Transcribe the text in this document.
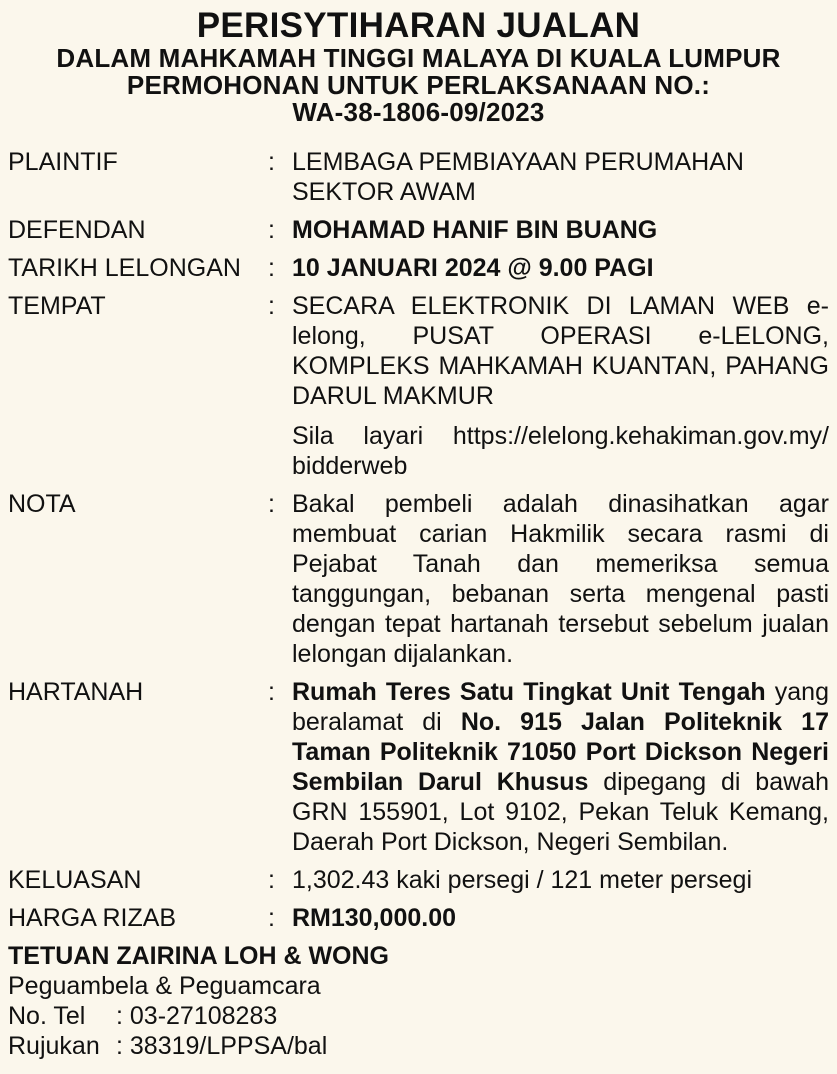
PERISYTIHARAN JUALAN
DALAM MAHKAMAH TINGGI MALAYA DI KUALA LUMPUR
PERMOHONAN UNTUK PERLAKSANAAN NO.:
WA-38-1806-09/2023
PLAINTIF	: LEMBAGA PEMBIAYAAN PERUMAHAN SEKTOR AWAM
DEFENDAN	: MOHAMAD HANIF BIN BUANG
TARIKH LELONGAN	: 10 JANUARI 2024 @ 9.00 PAGI
TEMPAT	: SECARA ELEKTRONIK DI LAMAN WEB e-lelong, PUSAT OPERASI e-LELONG, KOMPLEKS MAHKAMAH KUANTAN, PAHANG DARUL MAKMUR
Sila layari https://elelong.kehakiman.gov.my/ bidderweb
NOTA	: Bakal pembeli adalah dinasihatkan agar membuat carian Hakmilik secara rasmi di Pejabat Tanah dan memeriksa semua tanggungan, bebanan serta mengenal pasti dengan tepat hartanah tersebut sebelum jualan lelongan dijalankan.
HARTANAH	: Rumah Teres Satu Tingkat Unit Tengah yang beralamat di No. 915 Jalan Politeknik 17 Taman Politeknik 71050 Port Dickson Negeri Sembilan Darul Khusus dipegang di bawah GRN 155901, Lot 9102, Pekan Teluk Kemang, Daerah Port Dickson, Negeri Sembilan.
KELUASAN	: 1,302.43 kaki persegi / 121 meter persegi
HARGA RIZAB	: RM130,000.00
TETUAN ZAIRINA LOH & WONG
Peguambela & Peguamcara
No. Tel	: 03-27108283
Rujukan : 38319/LPPSA/bal
